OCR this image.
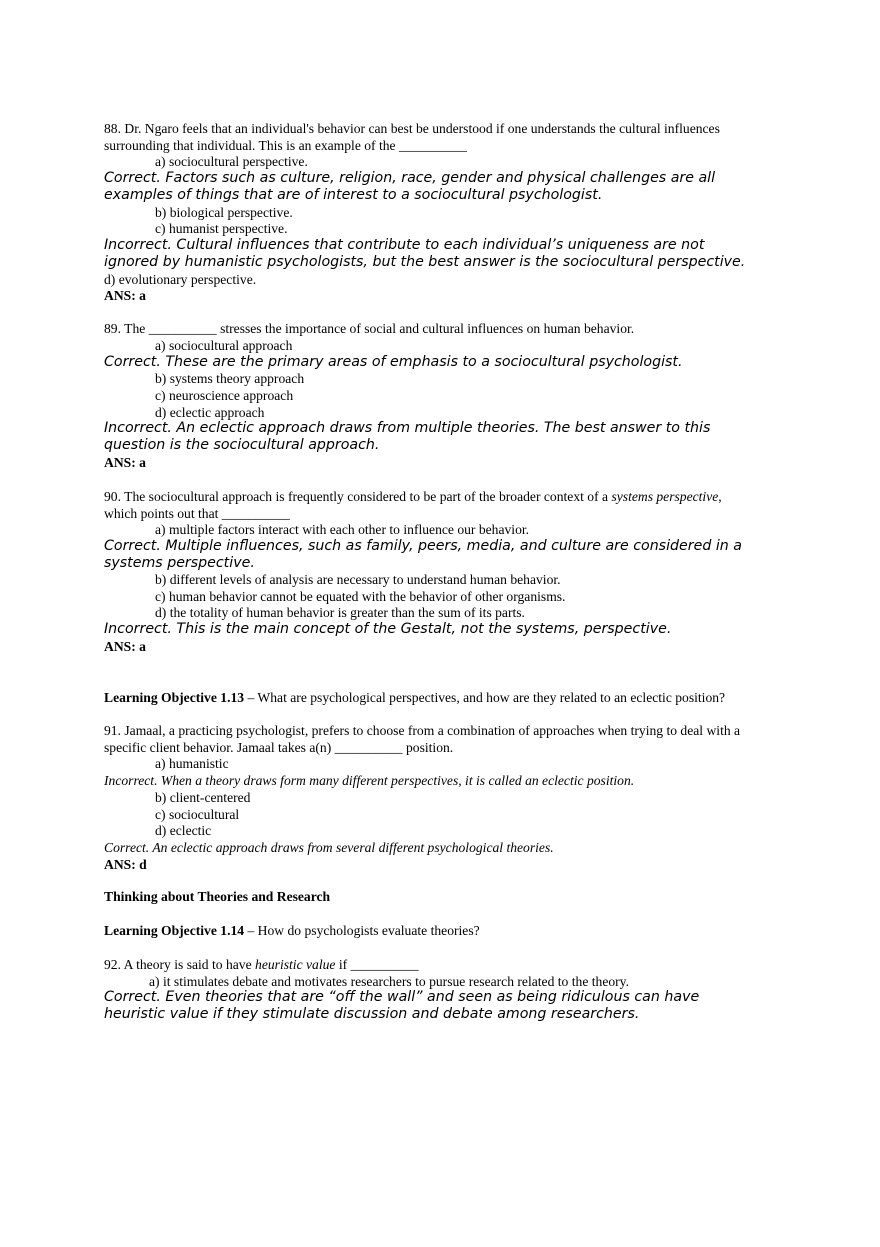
88. Dr. Ngaro feels that an individual's behavior can best be understood if one understands the cultural influences
surrounding that individual. This is an example of the __________
a) sociocultural perspective.
Correct. Factors such as culture, religion, race, gender and physical challenges are all
examples of things that are of interest to a sociocultural psychologist.
b) biological perspective.
c) humanist perspective.
Incorrect. Cultural influences that contribute to each individual’s uniqueness are not
ignored by humanistic psychologists, but the best answer is the sociocultural perspective.
d) evolutionary perspective.
ANS: a
89. The __________ stresses the importance of social and cultural influences on human behavior.
a) sociocultural approach
Correct. These are the primary areas of emphasis to a sociocultural psychologist.
b) systems theory approach
c) neuroscience approach
d) eclectic approach
Incorrect. An eclectic approach draws from multiple theories. The best answer to this
question is the sociocultural approach.
ANS: a
90. The sociocultural approach is frequently considered to be part of the broader context of a systems perspective,
which points out that __________
a) multiple factors interact with each other to influence our behavior.
Correct. Multiple influences, such as family, peers, media, and culture are considered in a
systems perspective.
b) different levels of analysis are necessary to understand human behavior.
c) human behavior cannot be equated with the behavior of other organisms.
d) the totality of human behavior is greater than the sum of its parts.
Incorrect. This is the main concept of the Gestalt, not the systems, perspective.
ANS: a
Learning Objective 1.13 – What are psychological perspectives, and how are they related to an eclectic position?
91. Jamaal, a practicing psychologist, prefers to choose from a combination of approaches when trying to deal with a
specific client behavior. Jamaal takes a(n) __________ position.
a) humanistic
Incorrect. When a theory draws form many different perspectives, it is called an eclectic position.
b) client-centered
c) sociocultural
d) eclectic
Correct. An eclectic approach draws from several different psychological theories.
ANS: d
Thinking about Theories and Research
Learning Objective 1.14 – How do psychologists evaluate theories?
92. A theory is said to have heuristic value if __________
a) it stimulates debate and motivates researchers to pursue research related to the theory.
Correct. Even theories that are “off the wall” and seen as being ridiculous can have
heuristic value if they stimulate discussion and debate among researchers.
